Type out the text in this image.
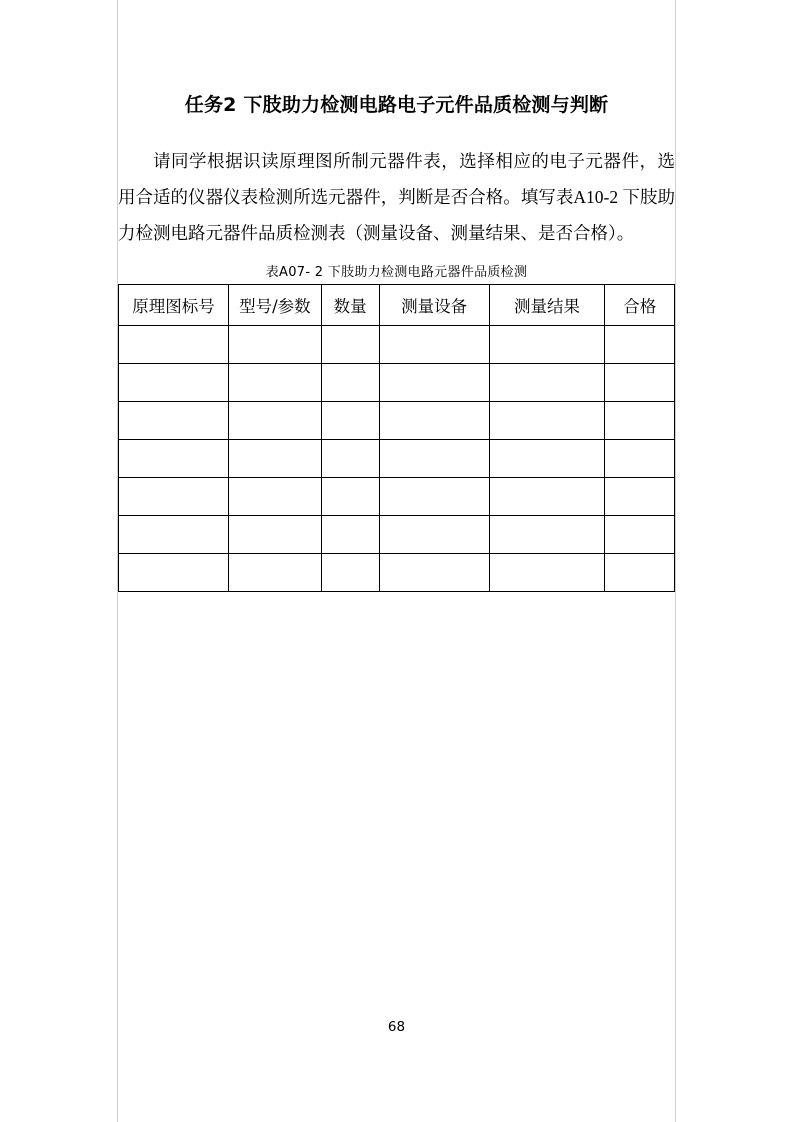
任务2 下肢助力检测电路电子元件品质检测与判断

请同学根据识读原理图所制元器件表，选择相应的电子元器件，选用合适的仪器仪表检测所选元器件，判断是否合格。填写表A10-2 下肢助力检测电路元器件品质检测表（测量设备、测量结果、是否合格）。

表A07- 2 下肢助力检测电路元器件品质检测
原理图标号	型号/参数	数量	测量设备	测量结果	合格

68
